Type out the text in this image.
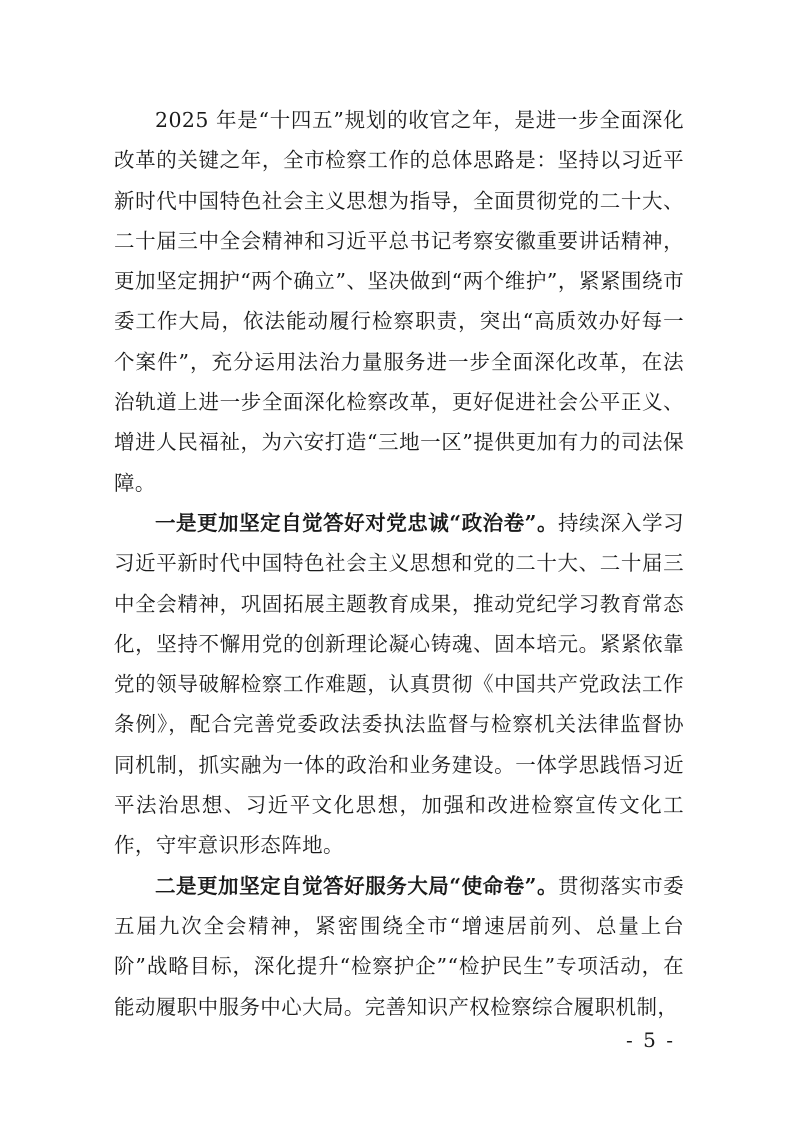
2025 年是“十四五”规划的收官之年，是进一步全面深化改革的关键之年，全市检察工作的总体思路是：坚持以习近平新时代中国特色社会主义思想为指导，全面贯彻党的二十大、二十届三中全会精神和习近平总书记考察安徽重要讲话精神，更加坚定拥护“两个确立”、坚决做到“两个维护”，紧紧围绕市委工作大局，依法能动履行检察职责，突出“高质效办好每一个案件”，充分运用法治力量服务进一步全面深化改革，在法治轨道上进一步全面深化检察改革，更好促进社会公平正义、增进人民福祉，为六安打造“三地一区”提供更加有力的司法保障。

一是更加坚定自觉答好对党忠诚“政治卷”。持续深入学习习近平新时代中国特色社会主义思想和党的二十大、二十届三中全会精神，巩固拓展主题教育成果，推动党纪学习教育常态化，坚持不懈用党的创新理论凝心铸魂、固本培元。紧紧依靠党的领导破解检察工作难题，认真贯彻《中国共产党政法工作条例》，配合完善党委政法委执法监督与检察机关法律监督协同机制，抓实融为一体的政治和业务建设。一体学思践悟习近平法治思想、习近平文化思想，加强和改进检察宣传文化工作，守牢意识形态阵地。

二是更加坚定自觉答好服务大局“使命卷”。贯彻落实市委五届九次全会精神，紧密围绕全市“增速居前列、总量上台阶”战略目标，深化提升“检察护企”“检护民生”专项活动，在能动履职中服务中心大局。完善知识产权检察综合履职机制，

- 5 -
